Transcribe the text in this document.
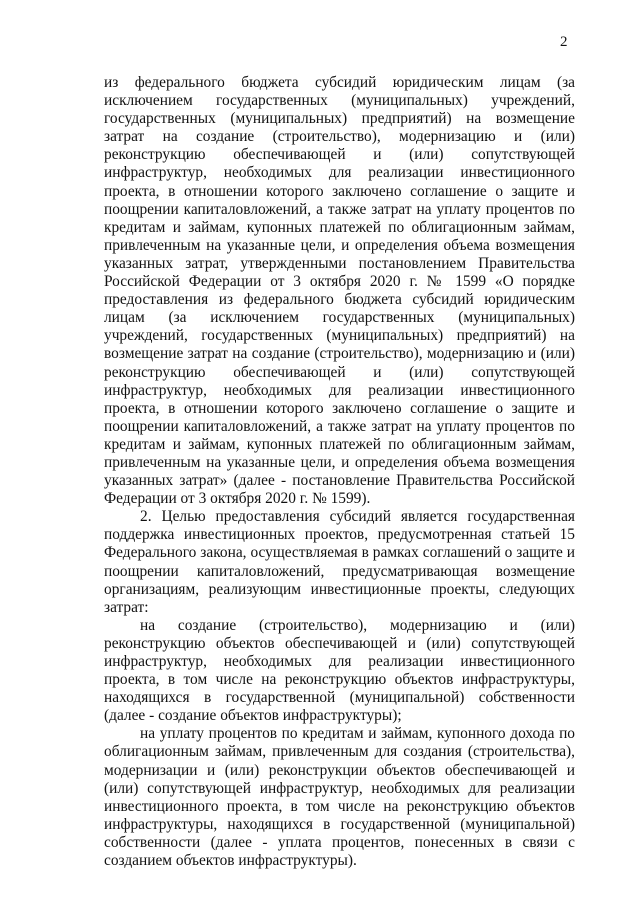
2

из федерального бюджета субсидий юридическим лицам (за исключением государственных (муниципальных) учреждений, государственных (муниципальных) предприятий) на возмещение затрат на создание (строительство), модернизацию и (или) реконструкцию обеспечивающей и (или) сопутствующей инфраструктур, необходимых для реализации инвестиционного проекта, в отношении которого заключено соглашение о защите и поощрении капиталовложений, а также затрат на уплату процентов по кредитам и займам, купонных платежей по облигационным займам, привлеченным на указанные цели, и определения объема возмещения указанных затрат, утвержденными постановлением Правительства Российской Федерации от 3 октября 2020 г. № 1599 «О порядке предоставления из федерального бюджета субсидий юридическим лицам (за исключением государственных (муниципальных) учреждений, государственных (муниципальных) предприятий) на возмещение затрат на создание (строительство), модернизацию и (или) реконструкцию обеспечивающей и (или) сопутствующей инфраструктур, необходимых для реализации инвестиционного проекта, в отношении которого заключено соглашение о защите и поощрении капиталовложений, а также затрат на уплату процентов по кредитам и займам, купонных платежей по облигационным займам, привлеченным на указанные цели, и определения объема возмещения указанных затрат» (далее - постановление Правительства Российской Федерации от 3 октября 2020 г. № 1599).

2. Целью предоставления субсидий является государственная поддержка инвестиционных проектов, предусмотренная статьей 15 Федерального закона, осуществляемая в рамках соглашений о защите и поощрении капиталовложений, предусматривающая возмещение организациям, реализующим инвестиционные проекты, следующих затрат:

на создание (строительство), модернизацию и (или) реконструкцию объектов обеспечивающей и (или) сопутствующей инфраструктур, необходимых для реализации инвестиционного проекта, в том числе на реконструкцию объектов инфраструктуры, находящихся в государственной (муниципальной) собственности (далее - создание объектов инфраструктуры);

на уплату процентов по кредитам и займам, купонного дохода по облигационным займам, привлеченным для создания (строительства), модернизации и (или) реконструкции объектов обеспечивающей и (или) сопутствующей инфраструктур, необходимых для реализации инвестиционного проекта, в том числе на реконструкцию объектов инфраструктуры, находящихся в государственной (муниципальной) собственности (далее - уплата процентов, понесенных в связи с созданием объектов инфраструктуры).
